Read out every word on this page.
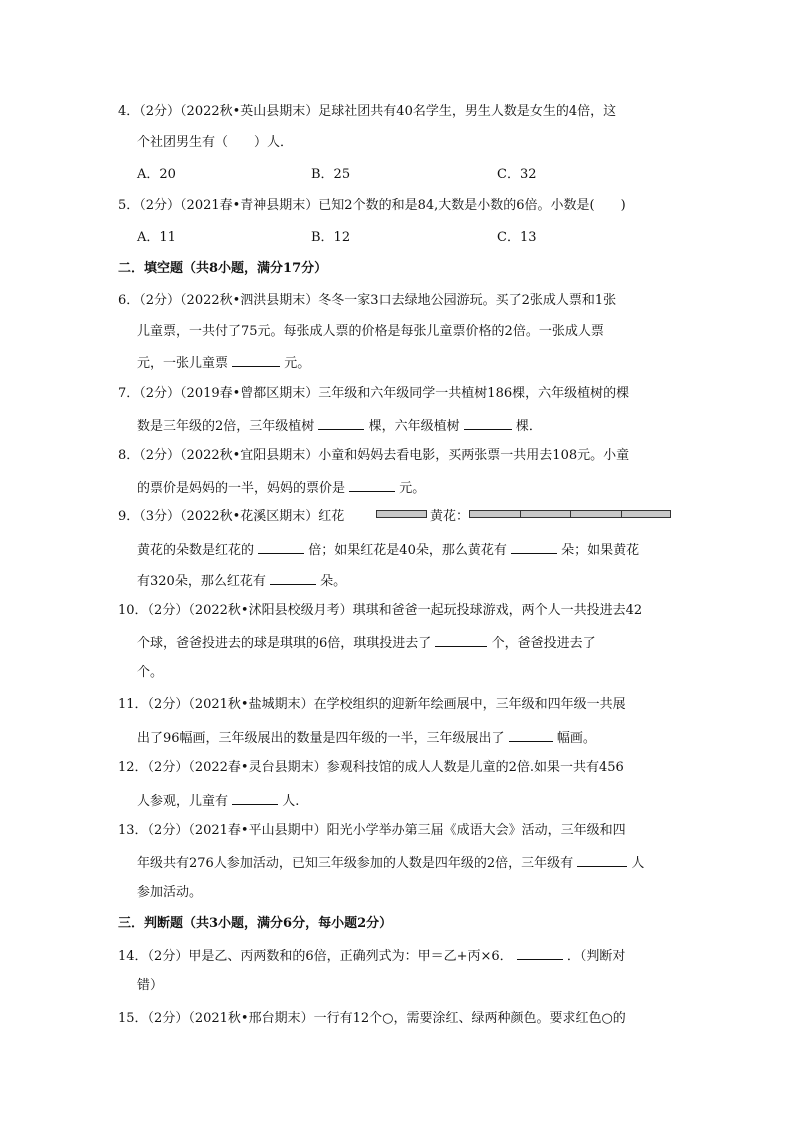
4．（2分）（2022秋•英山县期末）足球社团共有40名学生，男生人数是女生的4倍，这
个社团男生有（　　）人．
A．20	B．25	C．32
5．（2分）（2021春•青神县期末）已知2个数的和是84,大数是小数的6倍。小数是(　　)
A．11	B．12	C．13
二．填空题（共8小题，满分17分）
6．（2分）（2022秋•泗洪县期末）冬冬一家3口去绿地公园游玩。买了2张成人票和1张
儿童票，一共付了75元。每张成人票的价格是每张儿童票价格的2倍。一张成人票
元，一张儿童票	元。
7．（2分）（2019春•曾都区期末）三年级和六年级同学一共植树186棵，六年级植树的棵
数是三年级的2倍，三年级植树	棵，六年级植树	棵．
8．（2分）（2022秋•宜阳县期末）小童和妈妈去看电影，买两张票一共用去108元。小童
的票价是妈妈的一半，妈妈的票价是	元。
9．（3分）（2022秋•花溪区期末）红花	黄花：
黄花的朵数是红花的	倍；如果红花是40朵，那么黄花有	朵；如果黄花
有320朵，那么红花有	朵。
10．（2分）（2022秋•沭阳县校级月考）琪琪和爸爸一起玩投球游戏，两个人一共投进去42
个球，爸爸投进去的球是琪琪的6倍，琪琪投进去了	个，爸爸投进去了
个。
11．（2分）（2021秋•盐城期末）在学校组织的迎新年绘画展中，三年级和四年级一共展
出了96幅画，三年级展出的数量是四年级的一半，三年级展出了	幅画。
12．（2分）（2022春•灵台县期末）参观科技馆的成人人数是儿童的2倍.如果一共有456
人参观，儿童有	人.
13．（2分）（2021春•平山县期中）阳光小学举办第三届《成语大会》活动，三年级和四
年级共有276人参加活动，已知三年级参加的人数是四年级的2倍，三年级有	人
参加活动。
三．判断题（共3小题，满分6分，每小题2分）
14．（2分）甲是乙、丙两数和的6倍，正确列式为：甲＝乙+丙×6．	．（判断对
错）
15．（2分）（2021秋•邢台期末）一行有12个○，需要涂红、绿两种颜色。要求红色○的
